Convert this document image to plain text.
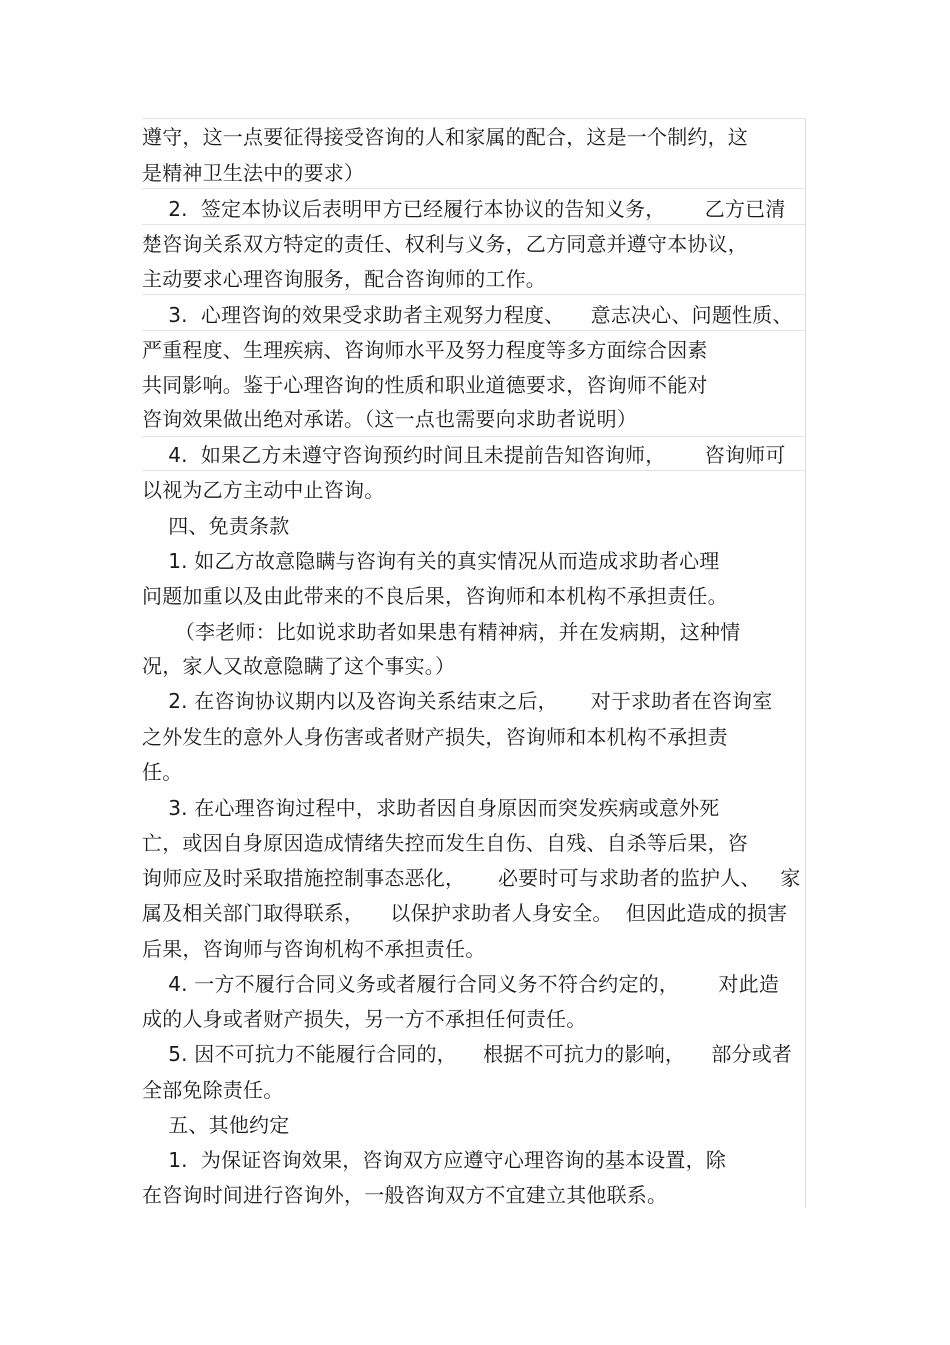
遵守，这一点要征得接受咨询的人和家属的配合，这是一个制约，这

是精神卫生法中的要求）

2.  签定本协议后表明甲方已经履行本协议的告知义务，      乙方已清

楚咨询关系双方特定的责任、权利与义务，乙方同意并遵守本协议，

主动要求心理咨询服务，配合咨询师的工作。

3.  心理咨询的效果受求助者主观努力程度、    意志决心、问题性质、

严重程度、生理疾病、咨询师水平及努力程度等多方面综合因素

共同影响。鉴于心理咨询的性质和职业道德要求，咨询师不能对

咨询效果做出绝对承诺。（这一点也需要向求助者说明）

4.  如果乙方未遵守咨询预约时间且未提前告知咨询师，      咨询师可

以视为乙方主动中止咨询。

四、免责条款

1. 如乙方故意隐瞒与咨询有关的真实情况从而造成求助者心理

问题加重以及由此带来的不良后果，咨询师和本机构不承担责任。

（李老师：比如说求助者如果患有精神病，并在发病期，这种情

况，家人又故意隐瞒了这个事实。）

2. 在咨询协议期内以及咨询关系结束之后，     对于求助者在咨询室

之外发生的意外人身伤害或者财产损失，咨询师和本机构不承担责

任。

3. 在心理咨询过程中，求助者因自身原因而突发疾病或意外死

亡，或因自身原因造成情绪失控而发生自伤、自残、自杀等后果，咨

询师应及时采取措施控制事态恶化，     必要时可与求助者的监护人、   家

属及相关部门取得联系，    以保护求助者人身安全。  但因此造成的损害

后果，咨询师与咨询机构不承担责任。

4. 一方不履行合同义务或者履行合同义务不符合约定的，      对此造

成的人身或者财产损失，另一方不承担任何责任。

5. 因不可抗力不能履行合同的，    根据不可抗力的影响，    部分或者

全部免除责任。

五、其他约定

1.  为保证咨询效果，咨询双方应遵守心理咨询的基本设置，除

在咨询时间进行咨询外，一般咨询双方不宜建立其他联系。
